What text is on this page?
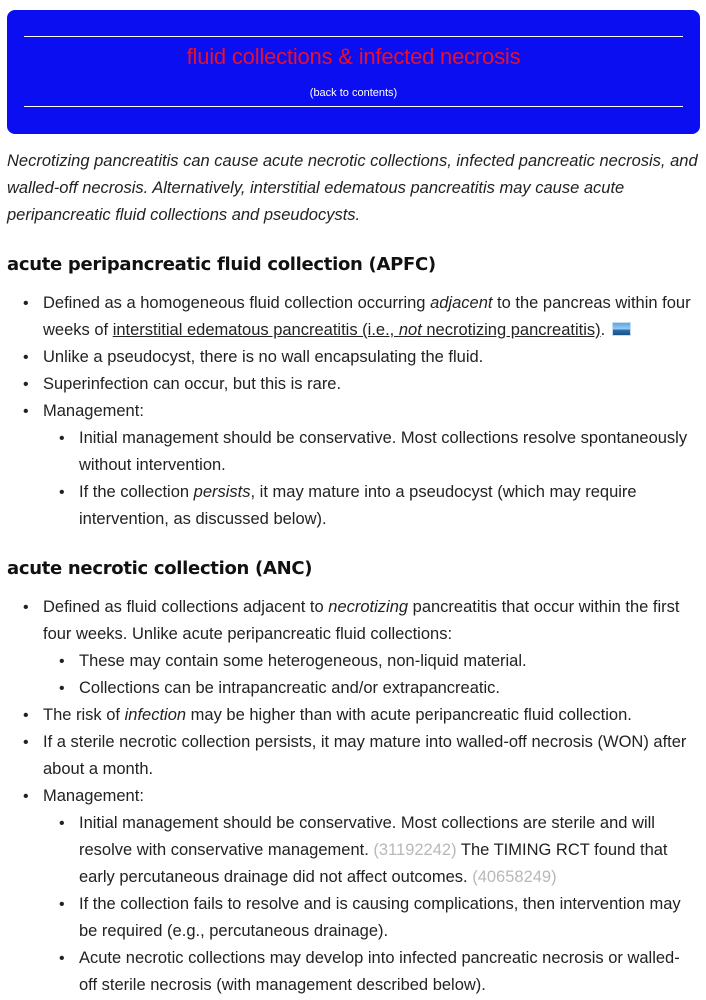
fluid collections & infected necrosis
(back to contents)

Necrotizing pancreatitis can cause acute necrotic collections, infected pancreatic necrosis, and walled-off necrosis. Alternatively, interstitial edematous pancreatitis may cause acute peripancreatic fluid collections and pseudocysts.

acute peripancreatic fluid collection (APFC)
• Defined as a homogeneous fluid collection occurring adjacent to the pancreas within four weeks of interstitial edematous pancreatitis (i.e., not necrotizing pancreatitis).
• Unlike a pseudocyst, there is no wall encapsulating the fluid.
• Superinfection can occur, but this is rare.
• Management:
• Initial management should be conservative. Most collections resolve spontaneously without intervention.
• If the collection persists, it may mature into a pseudocyst (which may require intervention, as discussed below).
acute necrotic collection (ANC)
• Defined as fluid collections adjacent to necrotizing pancreatitis that occur within the first four weeks. Unlike acute peripancreatic fluid collections:
• These may contain some heterogeneous, non-liquid material.
• Collections can be intrapancreatic and/or extrapancreatic.
• The risk of infection may be higher than with acute peripancreatic fluid collection.
• If a sterile necrotic collection persists, it may mature into walled-off necrosis (WON) after about a month.
• Management:
• Initial management should be conservative. Most collections are sterile and will resolve with conservative management. (31192242) The TIMING RCT found that early percutaneous drainage did not affect outcomes. (40658249)
• If the collection fails to resolve and is causing complications, then intervention may be required (e.g., percutaneous drainage).
• Acute necrotic collections may develop into infected pancreatic necrosis or walled-off sterile necrosis (with management described below).
